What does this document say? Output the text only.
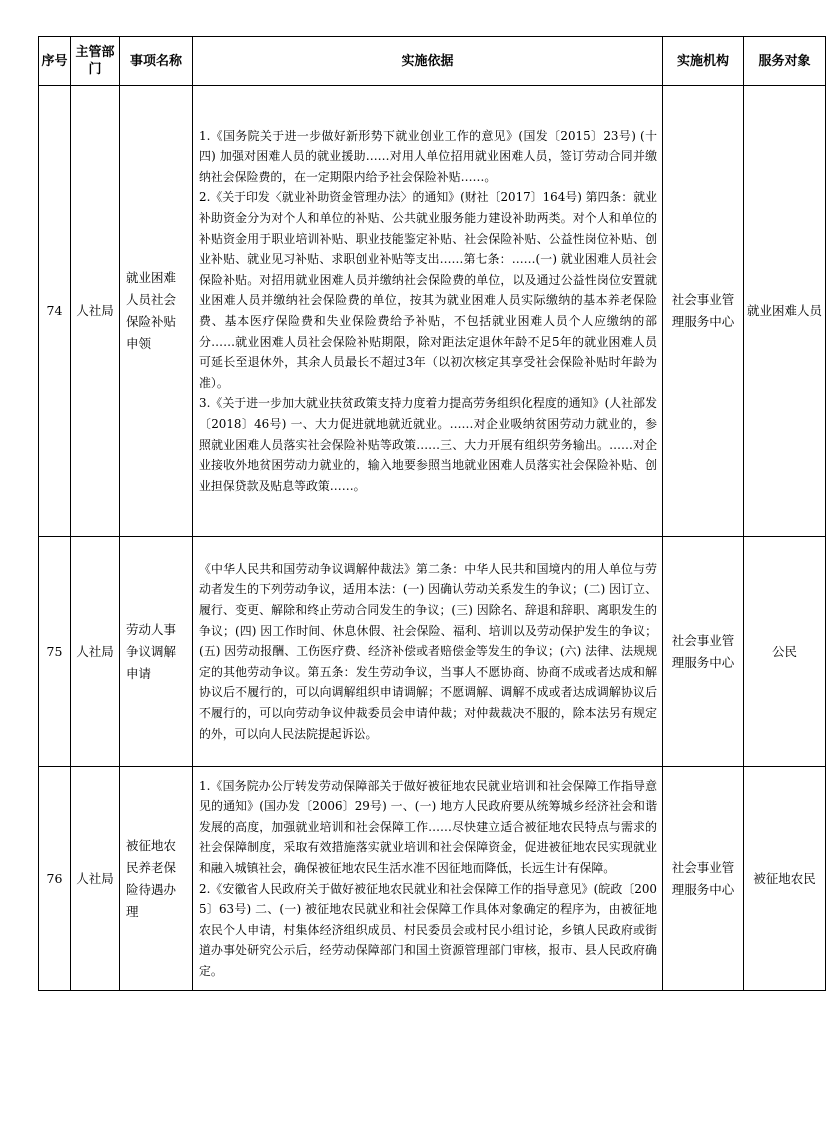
序号	主管部门	事项名称	实施依据	实施机构	服务对象
74	人社局	就业困难人员社会保险补贴申领	1.《国务院关于进一步做好新形势下就业创业工作的意见》(国发〔2015〕23号) (十四) 加强对困难人员的就业援助……对用人单位招用就业困难人员，签订劳动合同并缴纳社会保险费的，在一定期限内给予社会保险补贴……。

2.《关于印发〈就业补助资金管理办法〉的通知》(财社〔2017〕164号) 第四条：就业补助资金分为对个人和单位的补贴、公共就业服务能力建设补助两类。对个人和单位的补贴资金用于职业培训补贴、职业技能鉴定补贴、社会保险补贴、公益性岗位补贴、创业补贴、就业见习补贴、求职创业补贴等支出……第七条：……(一) 就业困难人员社会保险补贴。对招用就业困难人员并缴纳社会保险费的单位，以及通过公益性岗位安置就业困难人员并缴纳社会保险费的单位，按其为就业困难人员实际缴纳的基本养老保险费、基本医疗保险费和失业保险费给予补贴，不包括就业困难人员个人应缴纳的部分……就业困难人员社会保险补贴期限，除对距法定退休年龄不足5年的就业困难人员可延长至退休外，其余人员最长不超过3年（以初次核定其享受社会保险补贴时年龄为准）。

3.《关于进一步加大就业扶贫政策支持力度着力提高劳务组织化程度的通知》(人社部发〔2018〕46号) 一、大力促进就地就近就业。……对企业吸纳贫困劳动力就业的，参照就业困难人员落实社会保险补贴等政策……三、大力开展有组织劳务输出。……对企业接收外地贫困劳动力就业的，输入地要参照当地就业困难人员落实社会保险补贴、创业担保贷款及贴息等政策……。	社会事业管理服务中心	就业困难人员
75	人社局	劳动人事争议调解申请	《中华人民共和国劳动争议调解仲裁法》第二条：中华人民共和国境内的用人单位与劳动者发生的下列劳动争议，适用本法：(一) 因确认劳动关系发生的争议；(二) 因订立、履行、变更、解除和终止劳动合同发生的争议；(三) 因除名、辞退和辞职、离职发生的争议；(四) 因工作时间、休息休假、社会保险、福利、培训以及劳动保护发生的争议；(五) 因劳动报酬、工伤医疗费、经济补偿或者赔偿金等发生的争议；(六) 法律、法规规定的其他劳动争议。第五条：发生劳动争议，当事人不愿协商、协商不成或者达成和解协议后不履行的，可以向调解组织申请调解；不愿调解、调解不成或者达成调解协议后不履行的，可以向劳动争议仲裁委员会申请仲裁；对仲裁裁决不服的，除本法另有规定的外，可以向人民法院提起诉讼。	社会事业管理服务中心	公民
76	人社局	被征地农民养老保险待遇办理	1.《国务院办公厅转发劳动保障部关于做好被征地农民就业培训和社会保障工作指导意见的通知》(国办发〔2006〕29号) 一、(一) 地方人民政府要从统筹城乡经济社会和谐发展的高度，加强就业培训和社会保障工作……尽快建立适合被征地农民特点与需求的社会保障制度，采取有效措施落实就业培训和社会保障资金，促进被征地农民实现就业和融入城镇社会，确保被征地农民生活水准不因征地而降低，长远生计有保障。

2.《安徽省人民政府关于做好被征地农民就业和社会保障工作的指导意见》(皖政〔2005〕63号) 二、(一) 被征地农民就业和社会保障工作具体对象确定的程序为，由被征地农民个人申请，村集体经济组织成员、村民委员会或村民小组讨论，乡镇人民政府或街道办事处研究公示后，经劳动保障部门和国土资源管理部门审核，报市、县人民政府确定。	社会事业管理服务中心	被征地农民
